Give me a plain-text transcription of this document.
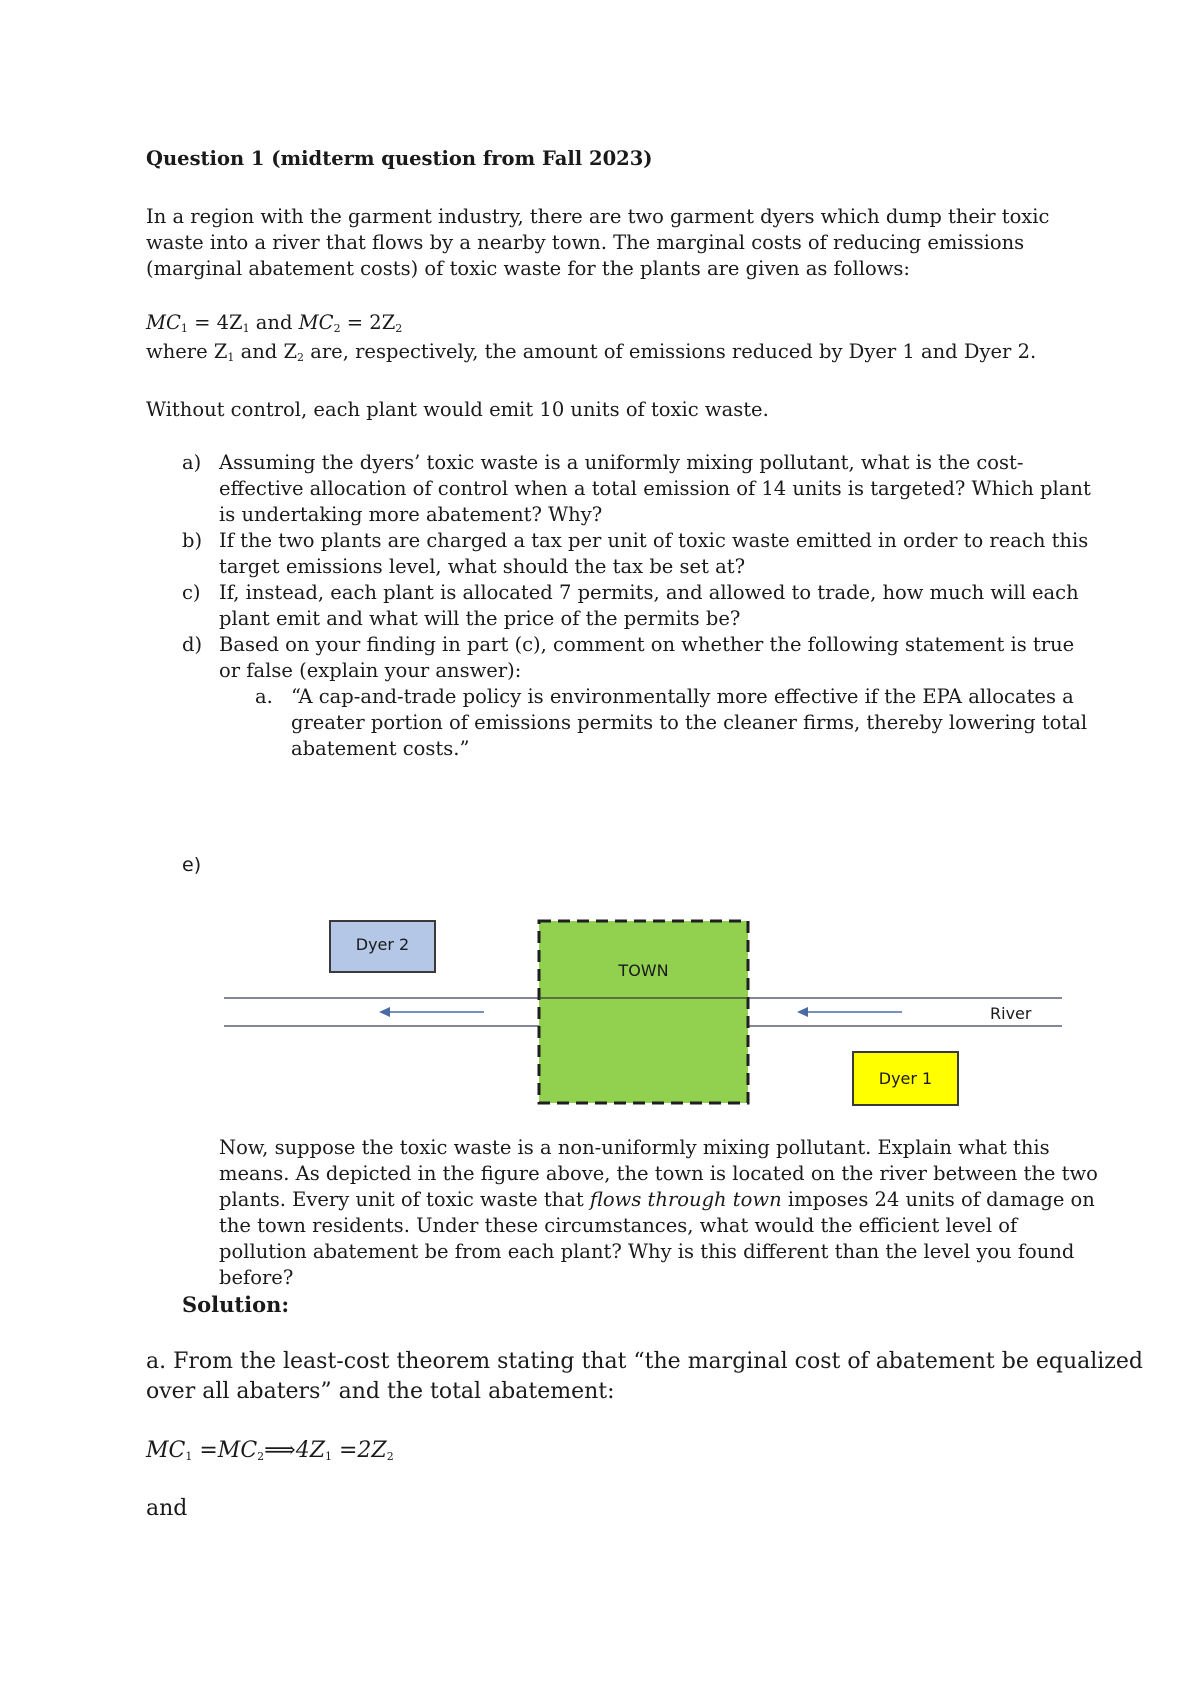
Question 1 (midterm question from Fall 2023)
In a region with the garment industry, there are two garment dyers which dump their toxic
waste into a river that flows by a nearby town. The marginal costs of reducing emissions
(marginal abatement costs) of toxic waste for the plants are given as follows:
$MC_1 = 4Z_1$ and $MC_2 = 2Z_2$
where $Z_1$ and $Z_2$ are, respectively, the amount of emissions reduced by Dyer 1 and Dyer 2.
Without control, each plant would emit 10 units of toxic waste.
a) Assuming the dyers’ toxic waste is a uniformly mixing pollutant, what is the cost-
effective allocation of control when a total emission of 14 units is targeted? Which plant
is undertaking more abatement? Why?
b) If the two plants are charged a tax per unit of toxic waste emitted in order to reach this
target emissions level, what should the tax be set at?
c) If, instead, each plant is allocated 7 permits, and allowed to trade, how much will each
plant emit and what will the price of the permits be?
d) Based on your finding in part (c), comment on whether the following statement is true
or false (explain your answer):
a. “A cap-and-trade policy is environmentally more effective if the EPA allocates a
greater portion of emissions permits to the cleaner firms, thereby lowering total
abatement costs.”
e)
Dyer 2
TOWN
River
Dyer 1
Now, suppose the toxic waste is a non-uniformly mixing pollutant. Explain what this
means. As depicted in the figure above, the town is located on the river between the two
plants. Every unit of toxic waste that flows through town imposes 24 units of damage on
the town residents. Under these circumstances, what would the efficient level of
pollution abatement be from each plant? Why is this different than the level you found
before?
Solution:
a. From the least-cost theorem stating that “the marginal cost of abatement be equalized
over all abaters” and the total abatement:
$MC_1$ $=MC_2⟹4Z_1 =2Z_2$
and
